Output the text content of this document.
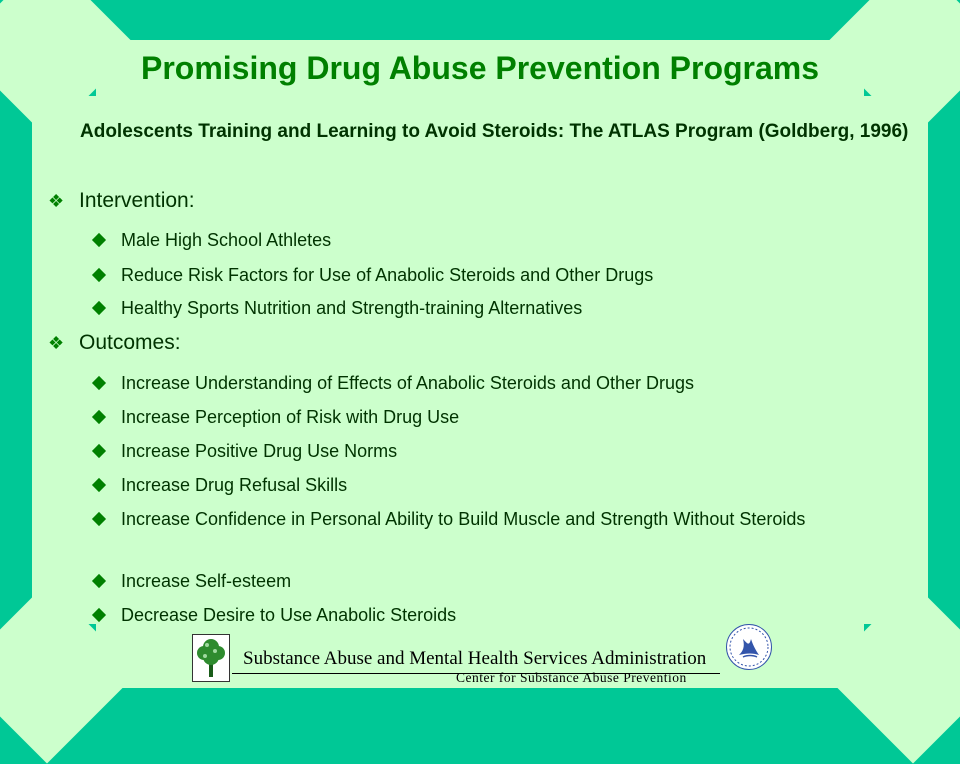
Promising Drug Abuse Prevention Programs

Adolescents Training and Learning to Avoid Steroids: The ATLAS Program (Goldberg, 1996)

❖ Intervention:
Male High School Athletes
Reduce Risk Factors for Use of Anabolic Steroids and Other Drugs
Healthy Sports Nutrition and Strength-training Alternatives
❖ Outcomes:
Increase Understanding of Effects of Anabolic Steroids and Other Drugs
Increase Perception of Risk with Drug Use
Increase Positive Drug Use Norms
Increase Drug Refusal Skills
Increase Confidence in Personal Ability to Build Muscle and Strength Without Steroids
Increase Self-esteem
Decrease Desire to Use Anabolic Steroids
Substance Abuse and Mental Health Services Administration
Center for Substance Abuse Prevention
